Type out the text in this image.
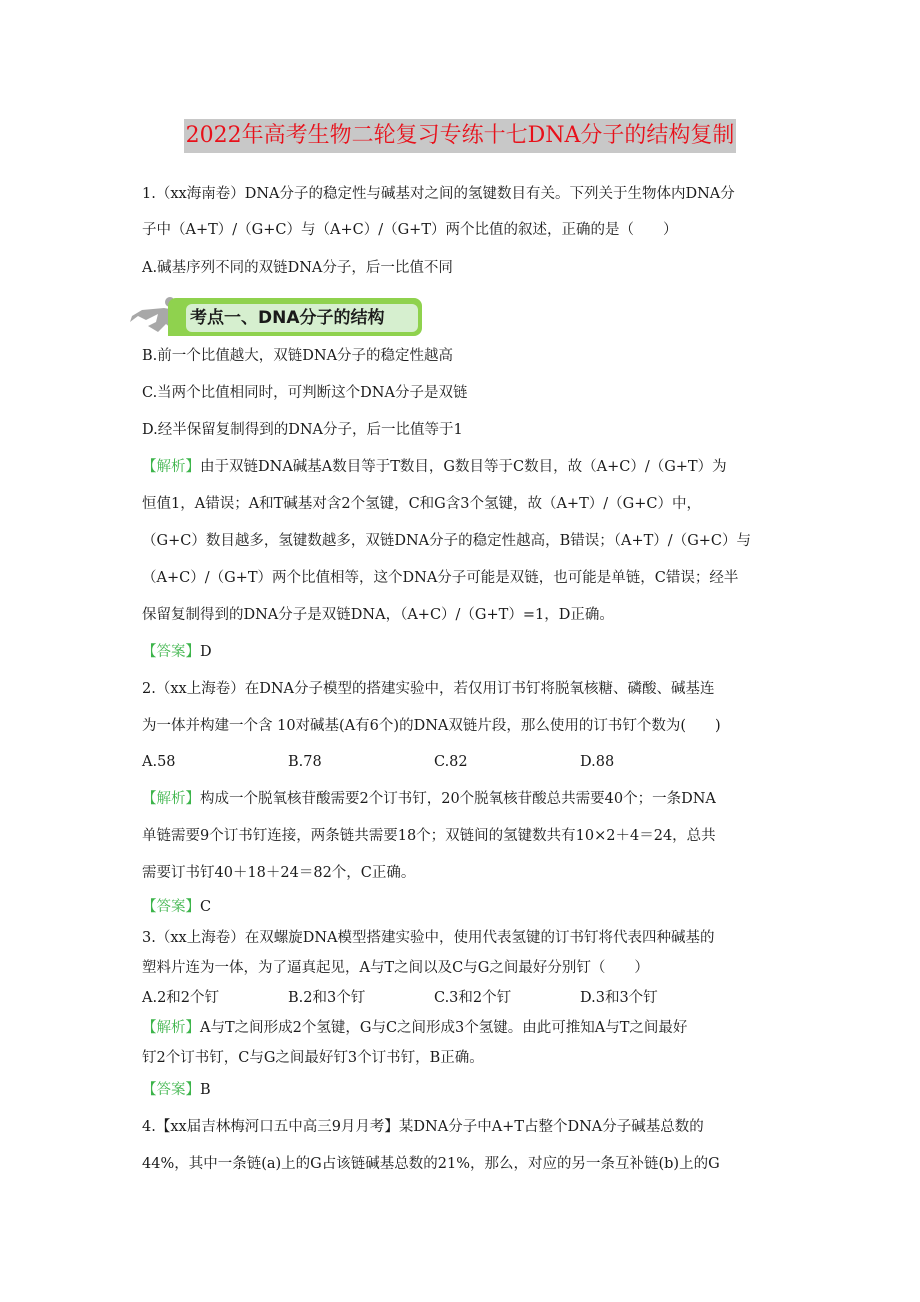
2022年高考生物二轮复习专练十七DNA分子的结构复制
1.（xx海南卷）DNA分子的稳定性与碱基对之间的氢键数目有关。下列关于生物体内DNA分
子中（A+T）/（G+C）与（A+C）/（G+T）两个比值的叙述，正确的是（　　）
A.碱基序列不同的双链DNA分子，后一比值不同
考点一、DNA分子的结构
B.前一个比值越大，双链DNA分子的稳定性越高
C.当两个比值相同时，可判断这个DNA分子是双链
D.经半保留复制得到的DNA分子，后一比值等于1
【解析】由于双链DNA碱基A数目等于T数目，G数目等于C数目，故（A+C）/（G+T）为
恒值1，A错误；A和T碱基对含2个氢键，C和G含3个氢键，故（A+T）/（G+C）中，
（G+C）数目越多，氢键数越多，双链DNA分子的稳定性越高，B错误；（A+T）/（G+C）与
（A+C）/（G+T）两个比值相等，这个DNA分子可能是双链，也可能是单链，C错误；经半
保留复制得到的DNA分子是双链DNA，（A+C）/（G+T）=1，D正确。
【答案】D
2.（xx上海卷）在DNA分子模型的搭建实验中，若仅用订书钉将脱氧核糖、磷酸、碱基连
为一体并构建一个含 10对碱基(A有6个)的DNA双链片段，那么使用的订书钉个数为(　　)
A.58	B.78	C.82	D.88
【解析】构成一个脱氧核苷酸需要2个订书钉，20个脱氧核苷酸总共需要40个；一条DNA
单链需要9个订书钉连接，两条链共需要18个；双链间的氢键数共有10×2＋4＝24，总共
需要订书钉40＋18＋24＝82个，C正确。
【答案】C
3.（xx上海卷）在双螺旋DNA模型搭建实验中，使用代表氢键的订书钉将代表四种碱基的
塑料片连为一体，为了逼真起见，A与T之间以及C与G之间最好分别钉（　　）
A.2和2个钉	B.2和3个钉	C.3和2个钉	D.3和3个钉
【解析】A与T之间形成2个氢键，G与C之间形成3个氢键。由此可推知A与T之间最好
钉2个订书钉，C与G之间最好钉3个订书钉，B正确。
【答案】B
4.【xx届吉林梅河口五中高三9月月考】某DNA分子中A+T占整个DNA分子碱基总数的
44%，其中一条链(a)上的G占该链碱基总数的21%，那么，对应的另一条互补链(b)上的G
